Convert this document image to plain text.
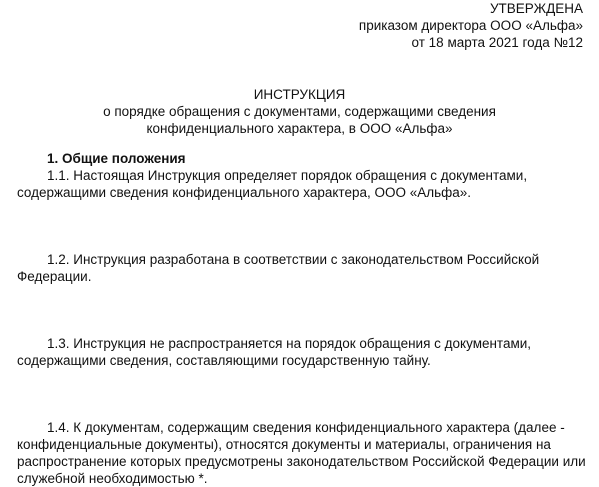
УТВЕРЖДЕНА
приказом директора ООО «Альфа»
от 18 марта 2021 года №12
ИНСТРУКЦИЯ
о порядке обращения с документами, содержащими сведения
конфиденциального характера, в ООО «Альфа»
1. Общие положения

1.1. Настоящая Инструкция определяет порядок обращения с документами, содержащими сведения конфиденциального характера, ООО «Альфа».

1.2. Инструкция разработана в соответствии с законодательством Российской Федерации.

1.3. Инструкция не распространяется на порядок обращения с документами, содержащими сведения, составляющими государственную тайну.

1.4. К документам, содержащим сведения конфиденциального характера (далее - конфиденциальные документы), относятся документы и материалы, ограничения на распространение которых предусмотрены законодательством Российской Федерации или служебной необходимостью *.
